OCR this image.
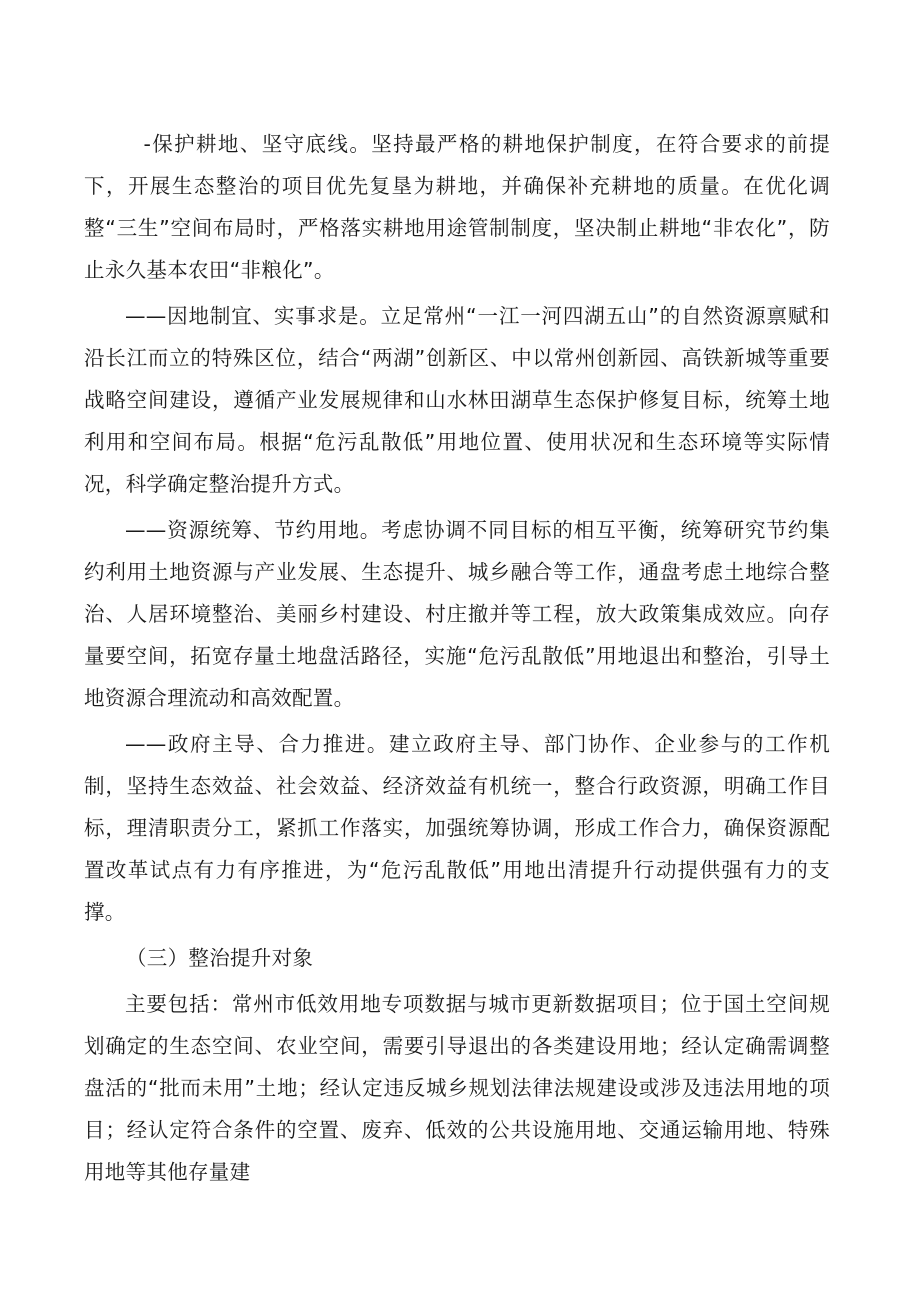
-保护耕地、坚守底线。坚持最严格的耕地保护制度，在符合要求的前提下，开展生态整治的项目优先复垦为耕地，并确保补充耕地的质量。在优化调整“三生”空间布局时，严格落实耕地用途管制制度，坚决制止耕地“非农化”，防止永久基本农田“非粮化”。

——因地制宜、实事求是。立足常州“一江一河四湖五山”的自然资源禀赋和沿长江而立的特殊区位，结合“两湖”创新区、中以常州创新园、高铁新城等重要战略空间建设，遵循产业发展规律和山水林田湖草生态保护修复目标，统筹土地利用和空间布局。根据“危污乱散低”用地位置、使用状况和生态环境等实际情况，科学确定整治提升方式。

——资源统筹、节约用地。考虑协调不同目标的相互平衡，统筹研究节约集约利用土地资源与产业发展、生态提升、城乡融合等工作，通盘考虑土地综合整治、人居环境整治、美丽乡村建设、村庄撤并等工程，放大政策集成效应。向存量要空间，拓宽存量土地盘活路径，实施“危污乱散低”用地退出和整治，引导土地资源合理流动和高效配置。

——政府主导、合力推进。建立政府主导、部门协作、企业参与的工作机制，坚持生态效益、社会效益、经济效益有机统一，整合行政资源，明确工作目标，理清职责分工，紧抓工作落实，加强统筹协调，形成工作合力，确保资源配置改革试点有力有序推进，为“危污乱散低”用地出清提升行动提供强有力的支撑。

（三）整治提升对象

主要包括：常州市低效用地专项数据与城市更新数据项目；位于国土空间规划确定的生态空间、农业空间，需要引导退出的各类建设用地；经认定确需调整盘活的“批而未用”土地；经认定违反城乡规划法律法规建设或涉及违法用地的项目；经认定符合条件的空置、废弃、低效的公共设施用地、交通运输用地、特殊用地等其他存量建
